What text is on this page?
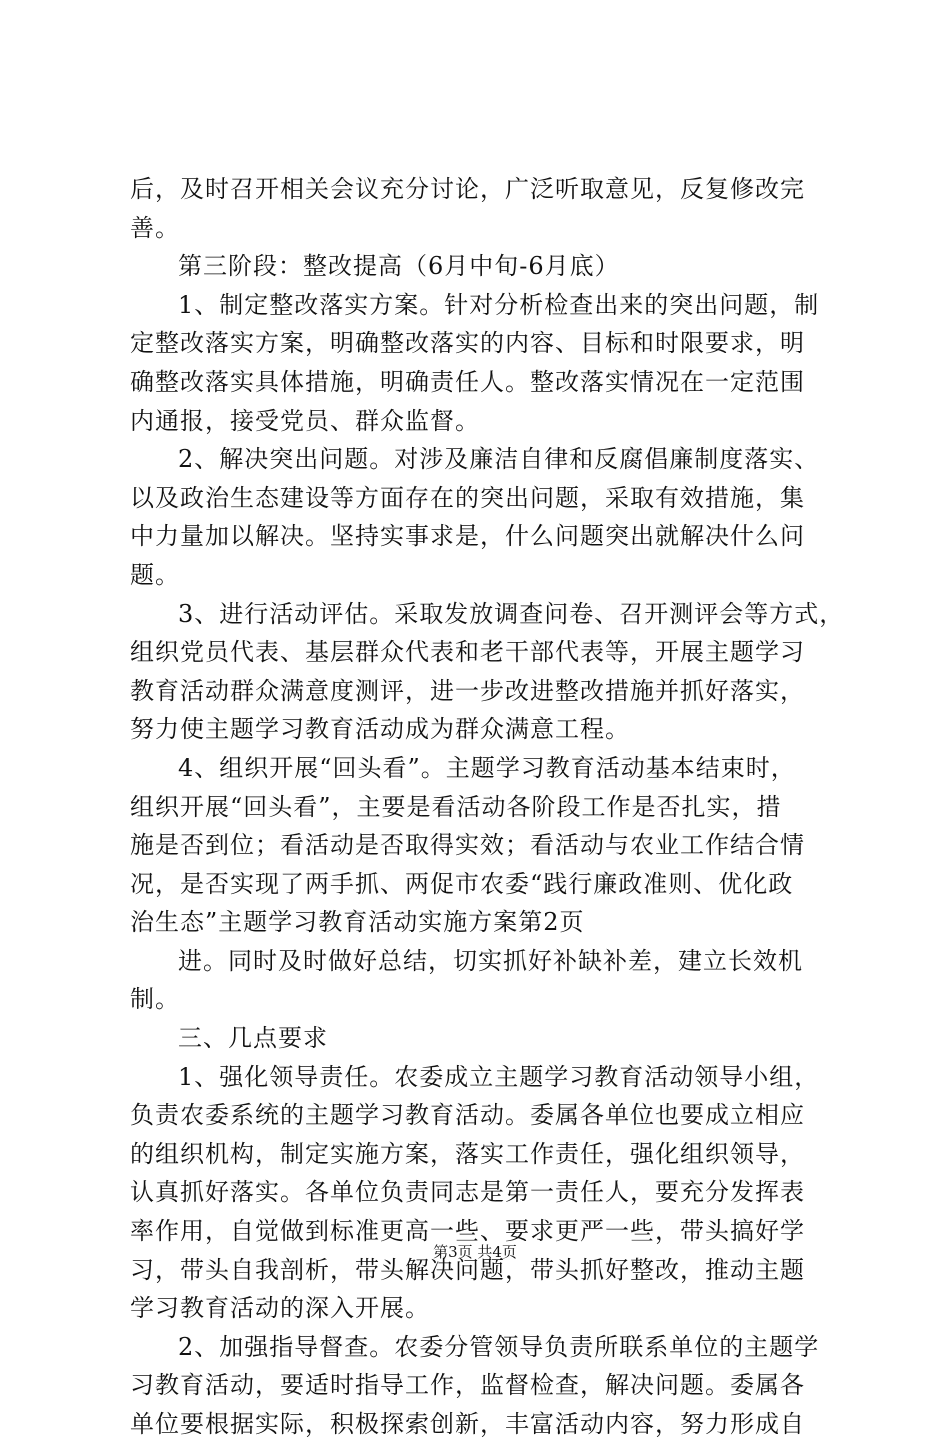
后，及时召开相关会议充分讨论，广泛听取意见，反复修改完
善。
第三阶段：整改提高（6月中旬-6月底）
1、制定整改落实方案。针对分析检查出来的突出问题，制
定整改落实方案，明确整改落实的内容、目标和时限要求，明
确整改落实具体措施，明确责任人。整改落实情况在一定范围
内通报，接受党员、群众监督。
2、解决突出问题。对涉及廉洁自律和反腐倡廉制度落实、
以及政治生态建设等方面存在的突出问题，采取有效措施，集
中力量加以解决。坚持实事求是，什么问题突出就解决什么问
题。
3、进行活动评估。采取发放调查问卷、召开测评会等方式，
组织党员代表、基层群众代表和老干部代表等，开展主题学习
教育活动群众满意度测评，进一步改进整改措施并抓好落实，
努力使主题学习教育活动成为群众满意工程。
4、组织开展“回头看”。主题学习教育活动基本结束时，
组织开展“回头看”，主要是看活动各阶段工作是否扎实，措
施是否到位；看活动是否取得实效；看活动与农业工作结合情
况，是否实现了两手抓、两促市农委“践行廉政准则、优化政
治生态”主题学习教育活动实施方案第2页
进。同时及时做好总结，切实抓好补缺补差，建立长效机
制。
三、几点要求
1、强化领导责任。农委成立主题学习教育活动领导小组，
负责农委系统的主题学习教育活动。委属各单位也要成立相应
的组织机构，制定实施方案，落实工作责任，强化组织领导，
认真抓好落实。各单位负责同志是第一责任人，要充分发挥表
率作用，自觉做到标准更高一些、要求更严一些，带头搞好学
习，带头自我剖析，带头解决问题，带头抓好整改，推动主题
学习教育活动的深入开展。
2、加强指导督查。农委分管领导负责所联系单位的主题学
习教育活动，要适时指导工作，监督检查，解决问题。委属各
单位要根据实际，积极探索创新，丰富活动内容，努力形成自
第3页 共4页
